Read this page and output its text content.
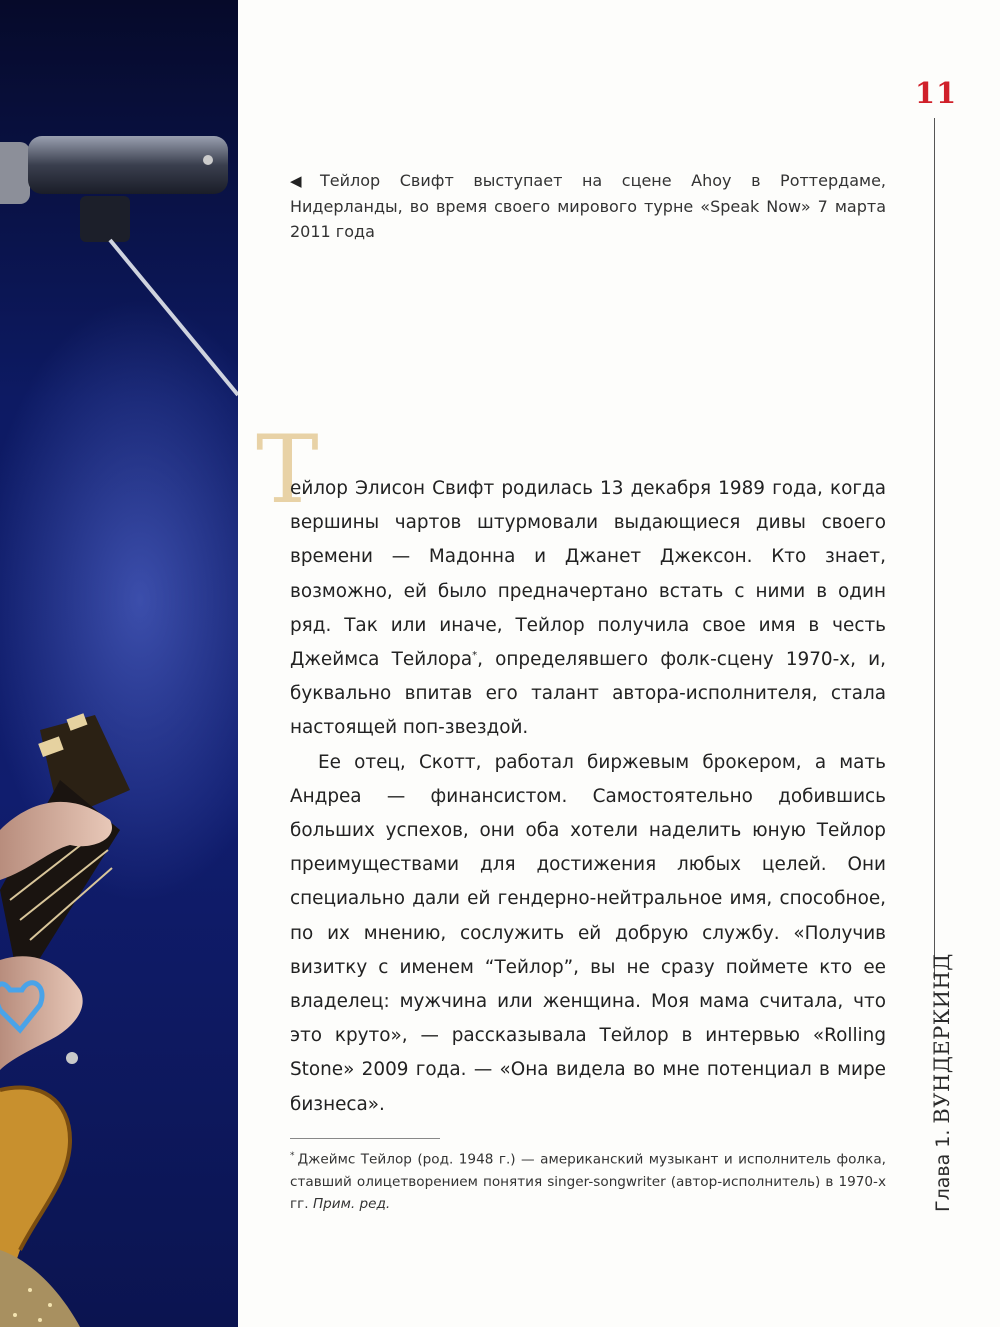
11
Глава 1. ВУНДЕРКИНД
◀ Тейлор Свифт выступает на сцене Ahoy в Роттердаме, Нидерланды, во время своего мирового турне «Speak Now» 7 марта 2011 года
Т

ейлор Элисон Свифт родилась 13 декабря 1989 года, когда вершины чартов штурмовали выдающиеся дивы своего времени — Мадонна и Джанет Джексон. Кто знает, возможно, ей было предначертано встать с ними в один ряд. Так или иначе, Тейлор получила свое имя в честь Джеймса Тейлора*, определявшего фолк-сцену 1970-х, и, буквально впитав его талант автора-исполнителя, стала настоящей поп-звездой.

Ее отец, Скотт, работал биржевым брокером, а мать Андреа — финансистом. Самостоятельно добившись больших успехов, они оба хотели наделить юную Тейлор преимуществами для достижения любых целей. Они специально дали ей гендерно-нейтральное имя, способное, по их мнению, сослужить ей добрую службу. «Получив визитку с именем “Тейлор”, вы не сразу поймете кто ее владелец: мужчина или женщина. Моя мама считала, что это круто», — рассказывала Тейлор в интервью «Rolling Stone» 2009 года. — «Она видела во мне потенциал в мире бизнеса».

* Джеймс Тейлор (род. 1948 г.) — американский музыкант и исполнитель фолка, ставший олицетворением понятия singer-songwriter (автор-исполнитель) в 1970-х гг. Прим. ред.
